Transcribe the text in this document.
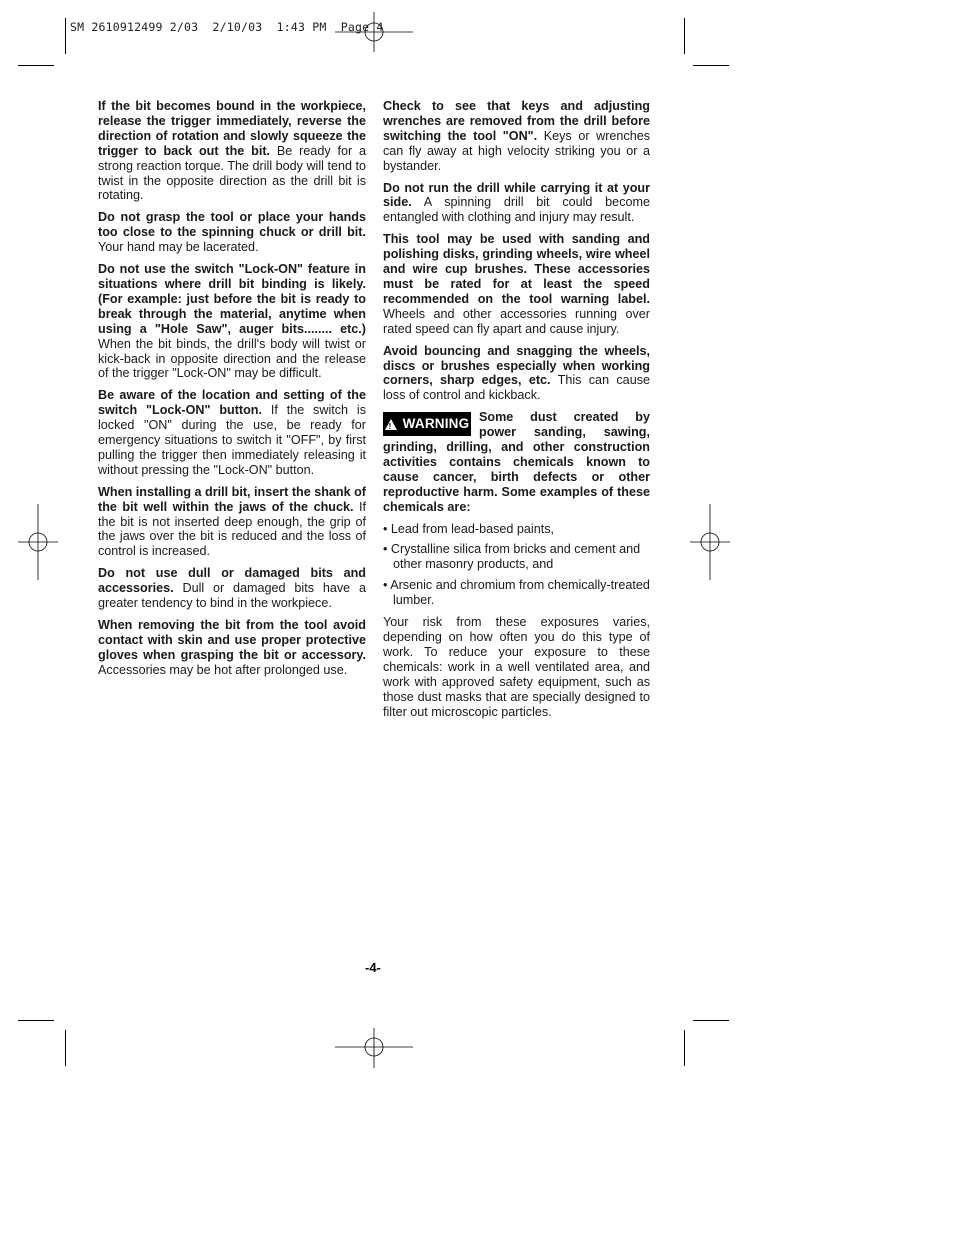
SM 2610912499 2/03  2/10/03  1:43 PM  Page 4

If the bit becomes bound in the workpiece, release the trigger immediately, reverse the direction of rotation and slowly squeeze the trigger to back out the bit. Be ready for a strong reaction torque. The drill body will tend to twist in the opposite direction as the drill bit is rotating.

Do not grasp the tool or place your hands too close to the spinning chuck or drill bit. Your hand may be lacerated.

Do not use the switch "Lock-ON" feature in situations where drill bit binding is likely. (For example: just before the bit is ready to break through the material, anytime when using a "Hole Saw", auger bits........ etc.) When the bit binds, the drill's body will twist or kick-back in opposite direction and the release of the trigger "Lock-ON" may be difficult.

Be aware of the location and setting of the switch "Lock-ON" button. If the switch is locked "ON" during the use, be ready for emergency situations to switch it "OFF", by first pulling the trigger then immediately releasing it without pressing the "Lock-ON" button.

When installing a drill bit, insert the shank of the bit well within the jaws of the chuck. If the bit is not inserted deep enough, the grip of the jaws over the bit is reduced and the loss of control is increased.

Do not use dull or damaged bits and accessories. Dull or damaged bits have a greater tendency to bind in the workpiece.

When removing the bit from the tool avoid contact with skin and use proper protective gloves when grasping the bit or accessory. Accessories may be hot after prolonged use.

Check to see that keys and adjusting wrenches are removed from the drill before switching the tool "ON". Keys or wrenches can fly away at high velocity striking you or a bystander.

Do not run the drill while carrying it at your side. A spinning drill bit could become entangled with clothing and injury may result.

This tool may be used with sanding and polishing disks, grinding wheels, wire wheel and wire cup brushes. These accessories must be rated for at least the speed recommended on the tool warning label. Wheels and other accessories running over rated speed can fly apart and cause injury.

Avoid bouncing and snagging the wheels, discs or brushes especially when working corners, sharp edges, etc. This can cause loss of control and kickback.

! WARNING Some dust created by power sanding, sawing, grinding, drilling, and other construction activities contains chemicals known to cause cancer, birth defects or other reproductive harm. Some examples of these chemicals are:

• Lead from lead-based paints,
• Crystalline silica from bricks and cement and other masonry products, and
• Arsenic and chromium from chemically-treated lumber.

Your risk from these exposures varies, depending on how often you do this type of work. To reduce your exposure to these chemicals: work in a well ventilated area, and work with approved safety equipment, such as those dust masks that are specially designed to filter out microscopic particles.

-4-
